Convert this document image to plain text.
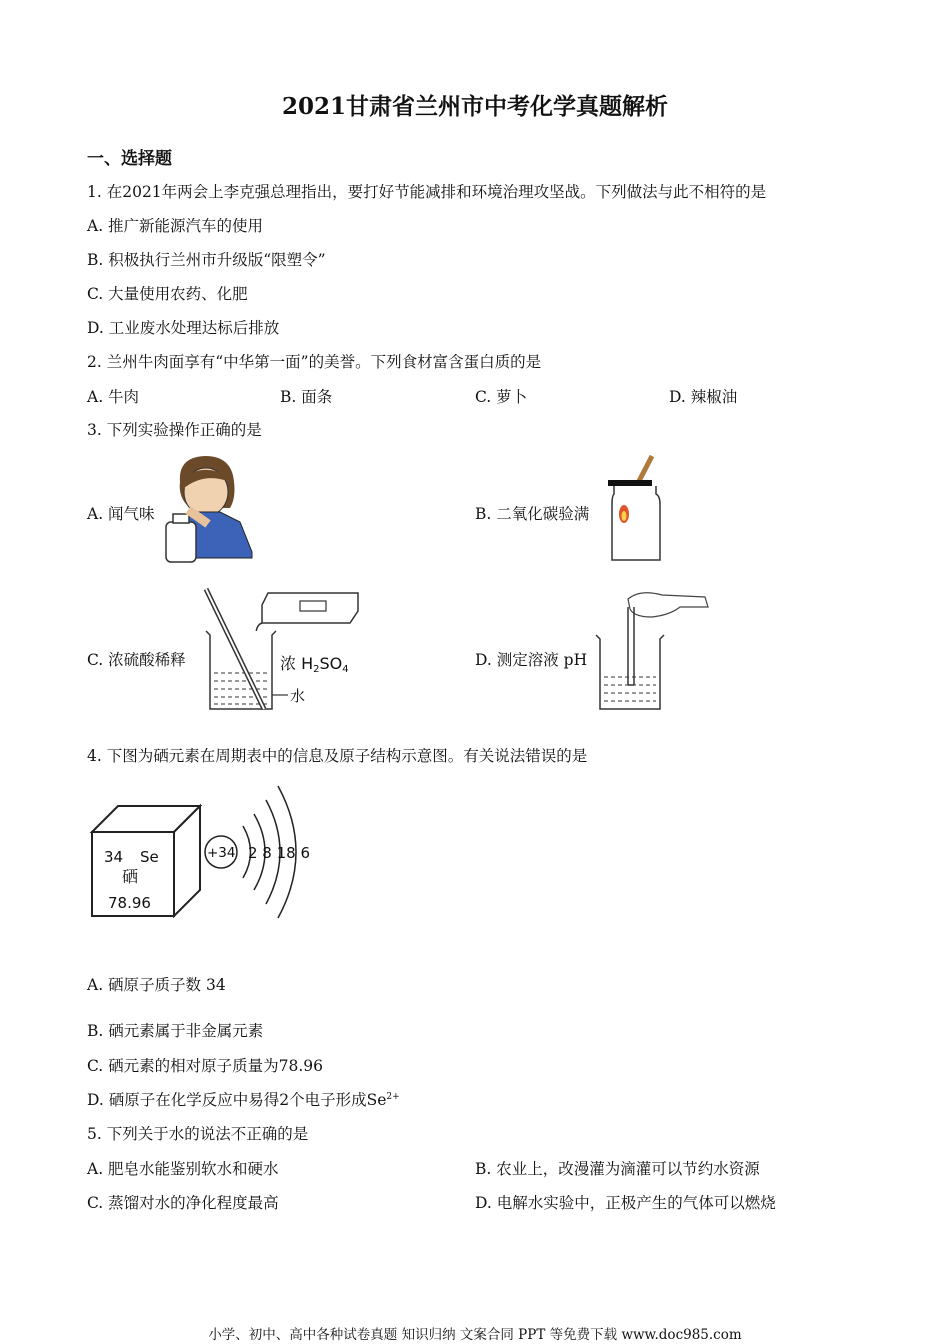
2021甘肃省兰州市中考化学真题解析
一、选择题
1. 在2021年两会上李克强总理指出，要打好节能减排和环境治理攻坚战。下列做法与此不相符的是
A. 推广新能源汽车的使用
B. 积极执行兰州市升级版“限塑令”
C. 大量使用农药、化肥
D. 工业废水处理达标后排放
2. 兰州牛肉面享有“中华第一面”的美誉。下列食材富含蛋白质的是
A. 牛肉	B. 面条	C. 萝卜	D. 辣椒油
3. 下列实验操作正确的是
A. 闻气味	B. 二氧化碳验满
C. 浓硫酸稀释	D. 测定溶液 pH
浓 H2SO4
水
4. 下图为硒元素在周期表中的信息及原子结构示意图。有关说法错误的是
34 Se
硒
78.96
+34 2 8 18 6
A. 硒原子质子数 34
B. 硒元素属于非金属元素
C. 硒元素的相对原子质量为78.96
D. 硒原子在化学反应中易得2个电子形成$Se^{2+}$
5. 下列关于水的说法不正确的是
A. 肥皂水能鉴别软水和硬水	B. 农业上，改漫灌为滴灌可以节约水资源
C. 蒸馏对水的净化程度最高	D. 电解水实验中，正极产生的气体可以燃烧
小学、初中、高中各种试卷真题 知识归纳 文案合同 PPT 等免费下载 www.doc985.com
